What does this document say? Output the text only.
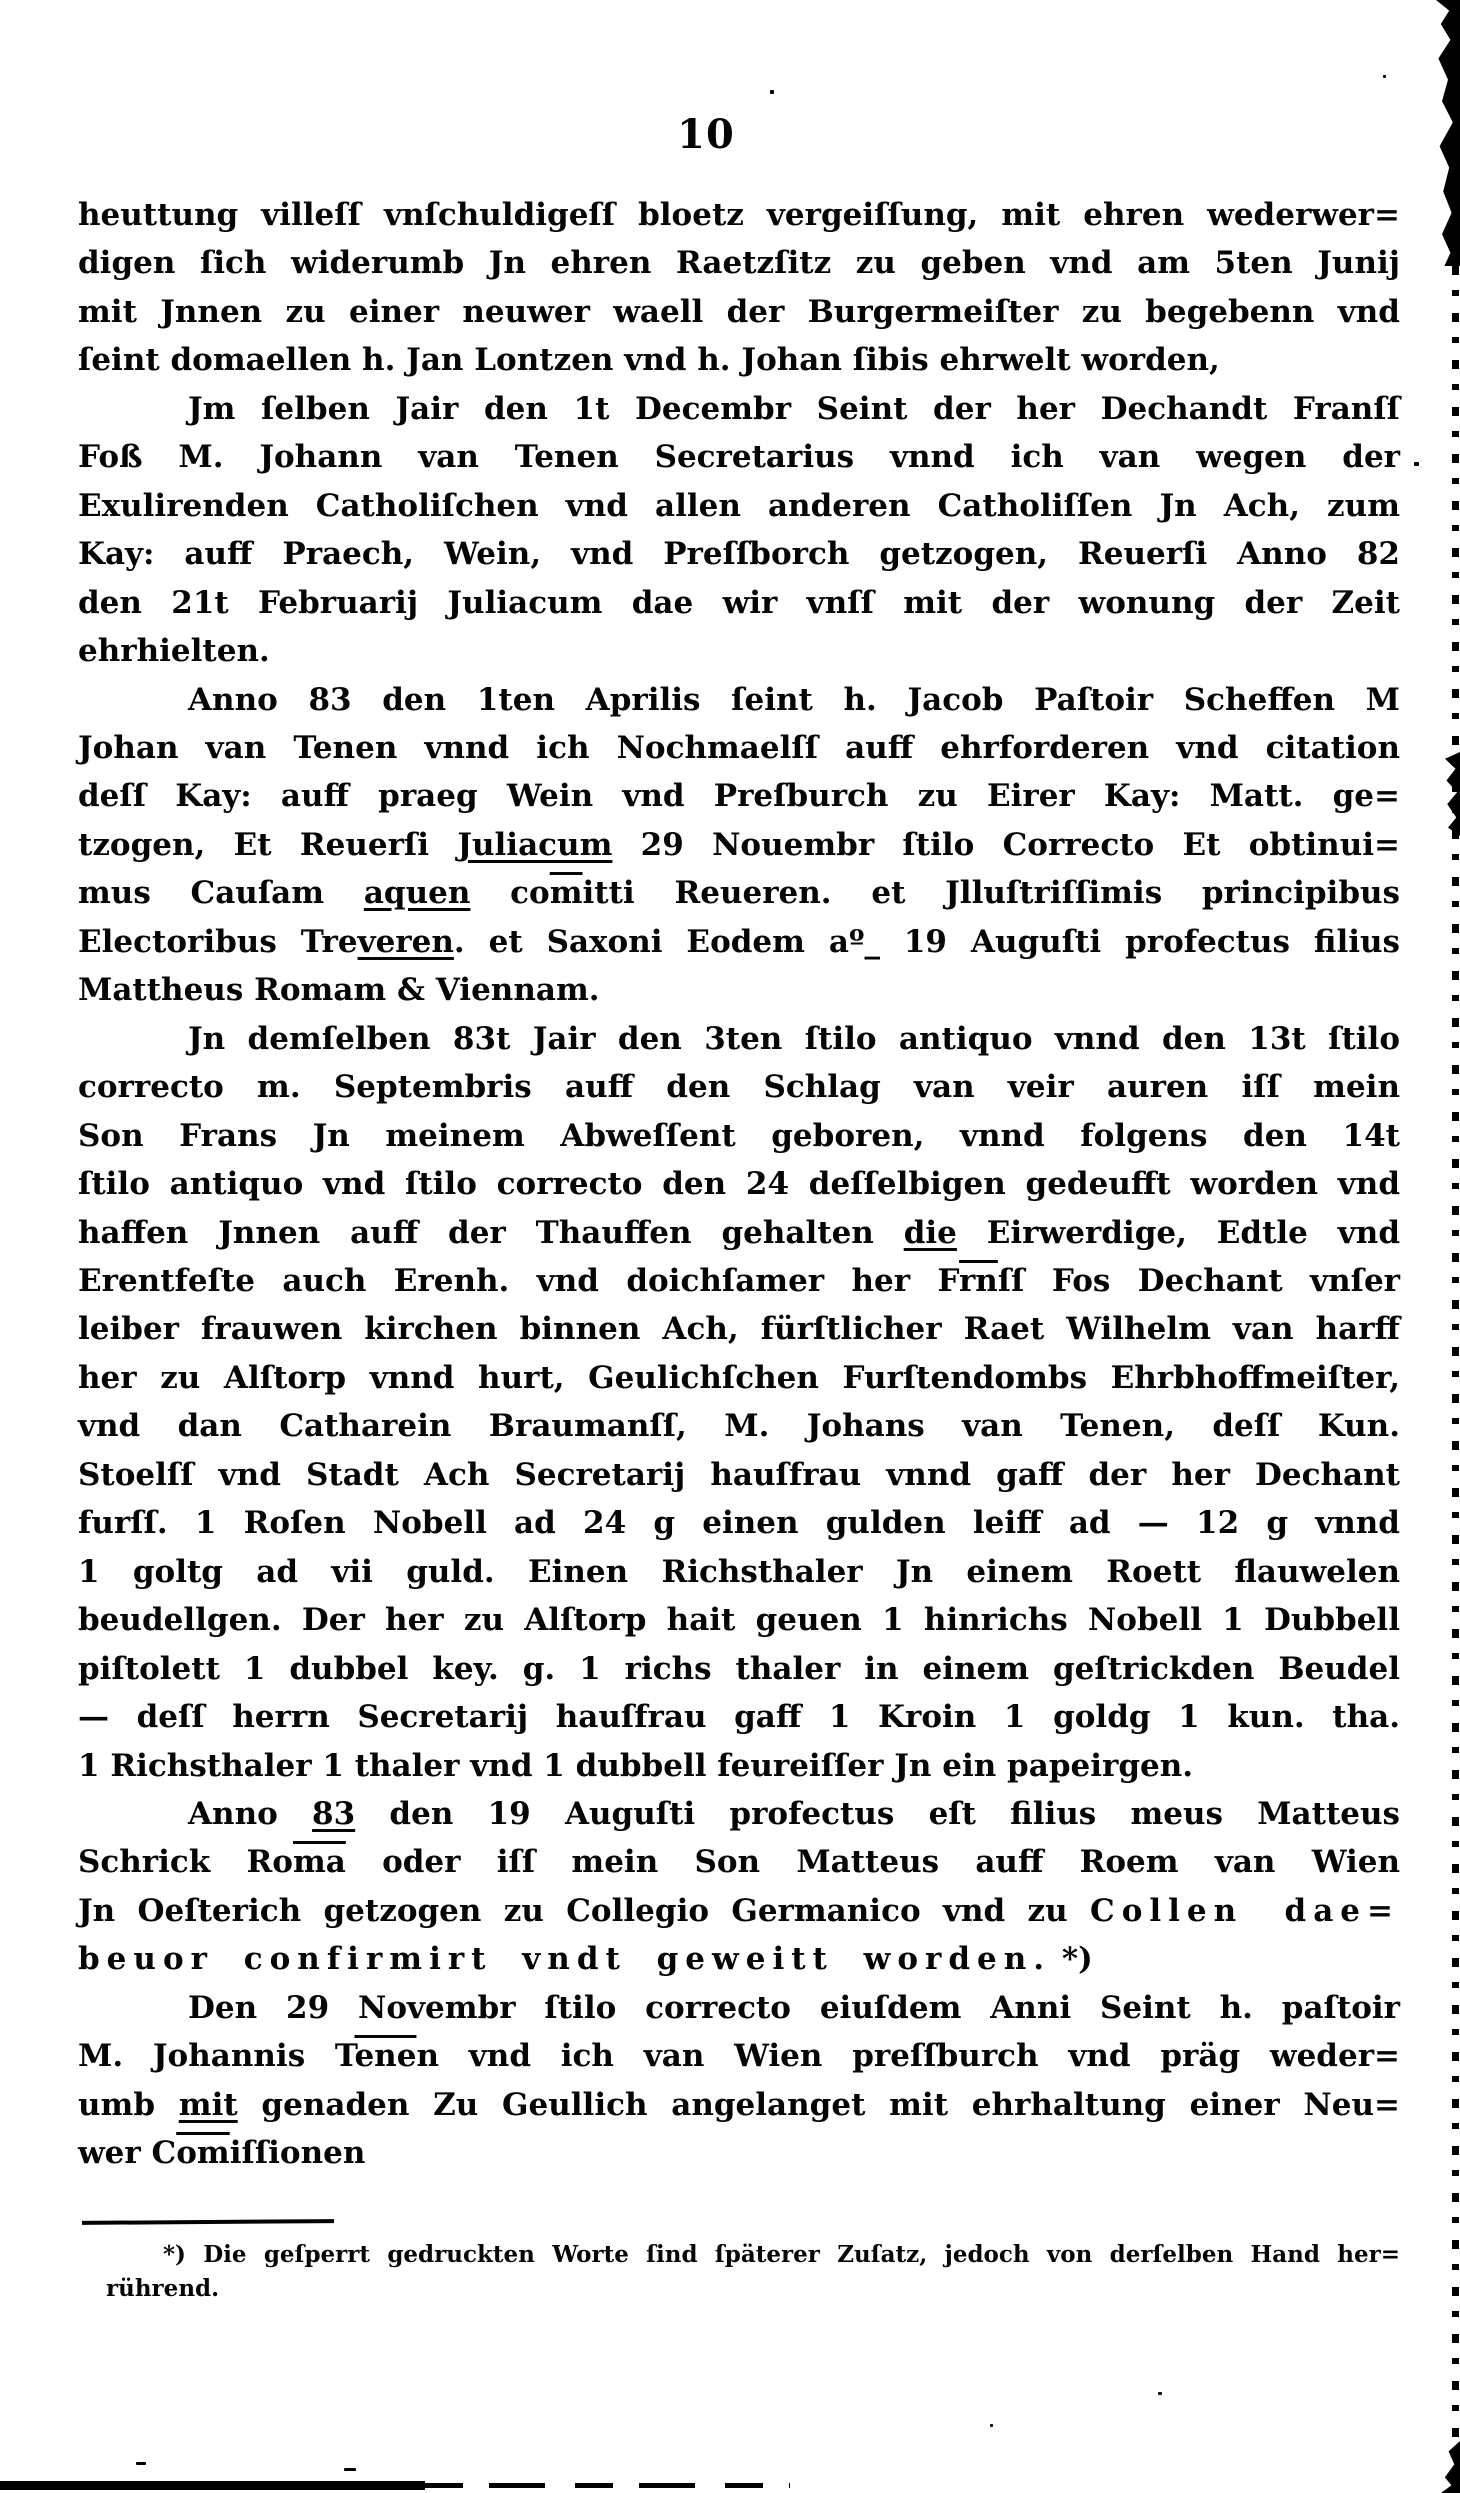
10
heuttung villeſſ vnſchuldigeſſ bloetz vergeiſſung, mit ehren wederwer=
digen ſich widerumb Jn ehren Raetzſitz zu geben vnd am 5ten Junij
mit Jnnen zu einer neuwer waell der Burgermeiſter zu begebenn vnd
ſeint domaellen h. Jan Lontzen vnd h. Johan ſibis ehrwelt worden,
Jm ſelben Jair den 1t Decembr Seint der her Dechandt Franſſ
Foß M. Johann van Tenen Secretarius vnnd ich van wegen der
Exulirenden Catholiſchen vnd allen anderen Catholiſſen Jn Ach, zum
Kay: auff Praech, Wein, vnd Preſſborch getzogen, Reuerſi Anno 82
den 21t Februarij Juliacum dae wir vnſſ mit der wonung der Zeit
ehrhielten.
Anno 83 den 1ten Aprilis ſeint h. Jacob Paſtoir Scheffen M
Johan van Tenen vnnd ich Nochmaelſſ auff ehrforderen vnd citation
deſſ Kay: auff praeg Wein vnd Preſburch zu Eirer Kay: Matt. ge=
tzogen, Et Reuerſi Juliacum 29 Nouembr ſtilo Correcto Et obtinui=
mus Cauſam aquen $co\overline{m}itti$ Reueren. et Jlluſtriſſimis principibus
Electoribus Treveren. et Saxoni Eodem aº_ 19 Auguſti profectus filius
Mattheus Romam & Viennam.
Jn demſelben 83t Jair den 3ten ſtilo antiquo vnnd den 13t ſtilo
correcto m. Septembris auff den Schlag van veir auren iſſ mein
Son Frans Jn meinem Abweſſent geboren, vnnd folgens den 14t
ſtilo antiquo vnd ſtilo correcto den 24 deſſelbigen gedeufft worden vnd
haffen Jnnen auff der Thauffen gehalten die Eirwerdige, Edtle vnd
Erentfeſte auch Erenh. vnd doichſamer her $F\overline{rn}ſſ$ Fos Dechant vnſer
leiber frauwen kirchen binnen Ach, fürſtlicher Raet Wilhelm van harff
her zu Alſtorp vnnd hurt, Geulichſchen Furſtendombs Ehrbhoffmeiſter,
vnd dan Catharein Braumanſſ, M. Johans van Tenen, deſſ Kun.
Stoelſſ vnd Stadt Ach Secretarij hauſfrau vnnd gaff der her Dechant
furſſ. 1 Roſen Nobell ad 24 g einen gulden leiff ad — 12 g vnnd
1 goltg ad vii guld. Einen Richsthaler Jn einem Roett flauwelen
beudellgen. Der her zu Alſtorp hait geuen 1 hinrichs Nobell 1 Dubbell
piſtolett 1 dubbel key. g. 1 richs thaler in einem geſtrickden Beudel
— deſſ herrn Secretarij hauſfrau gaff 1 Kroin 1 goldg 1 kun. tha.
1 Richsthaler 1 thaler vnd 1 dubbell feureiſſer Jn ein papeirgen.
Anno 83 den 19 Auguſti profectus eſt filius meus Matteus
Schrick $Ro\overline{ma}$ oder iſſ mein Son Matteus auff Roem van Wien
Jn Oeſterich getzogen zu Collegio Germanico vnd zu Collen dae=
beuor confirmirt vndt geweitt worden. *)
Den 29 Novembr ſtilo correcto eiuſdem Anni Seint h. paſtoir
M. Johannis $T\overline{ene}n$ vnd ich van Wien preſſburch vnd präg weder=
umb mit genaden Zu Geullich angelanget mit ehrhaltung einer Neu=
wer $C\overline{om}iſſionen$
*) Die geſperrt gedruckten Worte ſind ſpäterer Zuſatz, jedoch von derſelben Hand her=
rührend.
